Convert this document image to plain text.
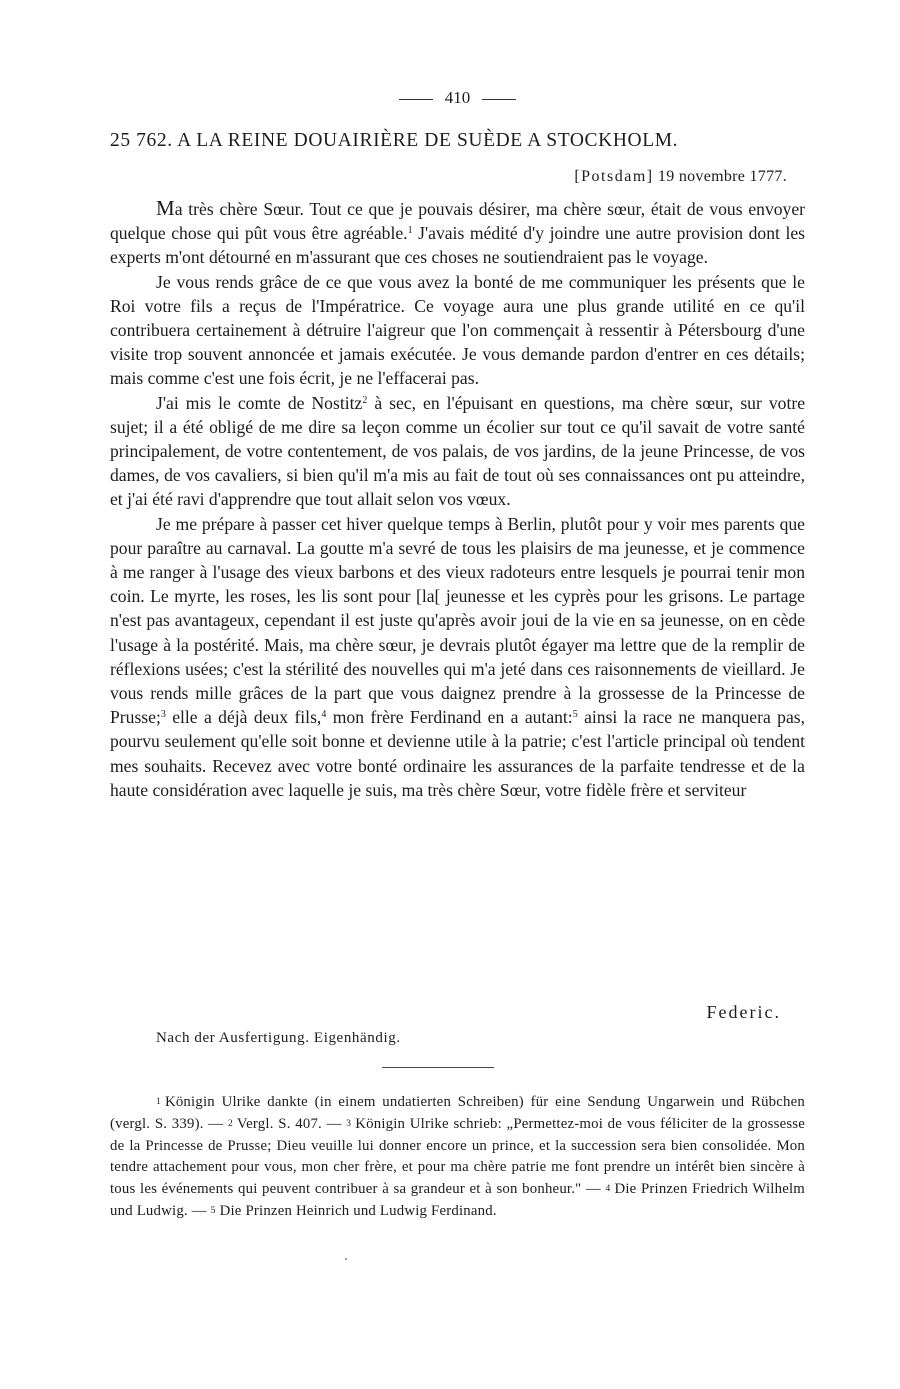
410
25 762. A LA REINE DOUAIRIÈRE DE SUÈDE A STOCKHOLM.
[Potsdam] 19 novembre 1777.

Ma très chère Sœur. Tout ce que je pouvais désirer, ma chère sœur, était de vous envoyer quelque chose qui pût vous être agréable.$^1$ J'avais médité d'y joindre une autre provision dont les experts m'ont détourné en m'assurant que ces choses ne soutiendraient pas le voyage.

Je vous rends grâce de ce que vous avez la bonté de me communiquer les présents que le Roi votre fils a reçus de l'Impératrice. Ce voyage aura une plus grande utilité en ce qu'il contribuera certainement à détruire l'aigreur que l'on commençait à ressentir à Pétersbourg d'une visite trop souvent annoncée et jamais exécutée. Je vous demande pardon d'entrer en ces détails; mais comme c'est une fois écrit, je ne l'effacerai pas.

J'ai mis le comte de Nostitz$^2$ à sec, en l'épuisant en questions, ma chère sœur, sur votre sujet; il a été obligé de me dire sa leçon comme un écolier sur tout ce qu'il savait de votre santé principalement, de votre contentement, de vos palais, de vos jardins, de la jeune Princesse, de vos dames, de vos cavaliers, si bien qu'il m'a mis au fait de tout où ses connaissances ont pu atteindre, et j'ai été ravi d'apprendre que tout allait selon vos vœux.

Je me prépare à passer cet hiver quelque temps à Berlin, plutôt pour y voir mes parents que pour paraître au carnaval. La goutte m'a sevré de tous les plaisirs de ma jeunesse, et je commence à me ranger à l'usage des vieux barbons et des vieux radoteurs entre lesquels je pourrai tenir mon coin. Le myrte, les roses, les lis sont pour [la[ jeunesse et les cyprès pour les grisons. Le partage n'est pas avantageux, cependant il est juste qu'après avoir joui de la vie en sa jeunesse, on en cède l'usage à la postérité. Mais, ma chère sœur, je devrais plutôt égayer ma lettre que de la remplir de réflexions usées; c'est la stérilité des nouvelles qui m'a jeté dans ces raisonnements de vieillard. Je vous rends mille grâces de la part que vous daignez prendre à la grossesse de la Princesse de Prusse;$^3$ elle a déjà deux fils,$^4$ mon frère Ferdinand en a autant:$^5$ ainsi la race ne manquera pas, pourvu seulement qu'elle soit bonne et devienne utile à la patrie; c'est l'article principal où tendent mes souhaits. Recevez avec votre bonté ordinaire les assurances de la parfaite tendresse et de la haute considération avec laquelle je suis, ma très chère Sœur, votre fidèle frère et serviteur

Federic.
Nach der Ausfertigung. Eigenhändig.

1 Königin Ulrike dankte (in einem undatierten Schreiben) für eine Sendung Ungarwein und Rübchen (vergl. S. 339). — 2 Vergl. S. 407. — 3 Königin Ulrike schrieb: „Permettez-moi de vous féliciter de la grossesse de la Princesse de Prusse; Dieu veuille lui donner encore un prince, et la succession sera bien consolidée. Mon tendre attachement pour vous, mon cher frère, et pour ma chère patrie me font prendre un intérêt bien sincère à tous les événements qui peuvent contribuer à sa grandeur et à son bonheur." — 4 Die Prinzen Friedrich Wilhelm und Ludwig. — 5 Die Prinzen Heinrich und Ludwig Ferdinand.
